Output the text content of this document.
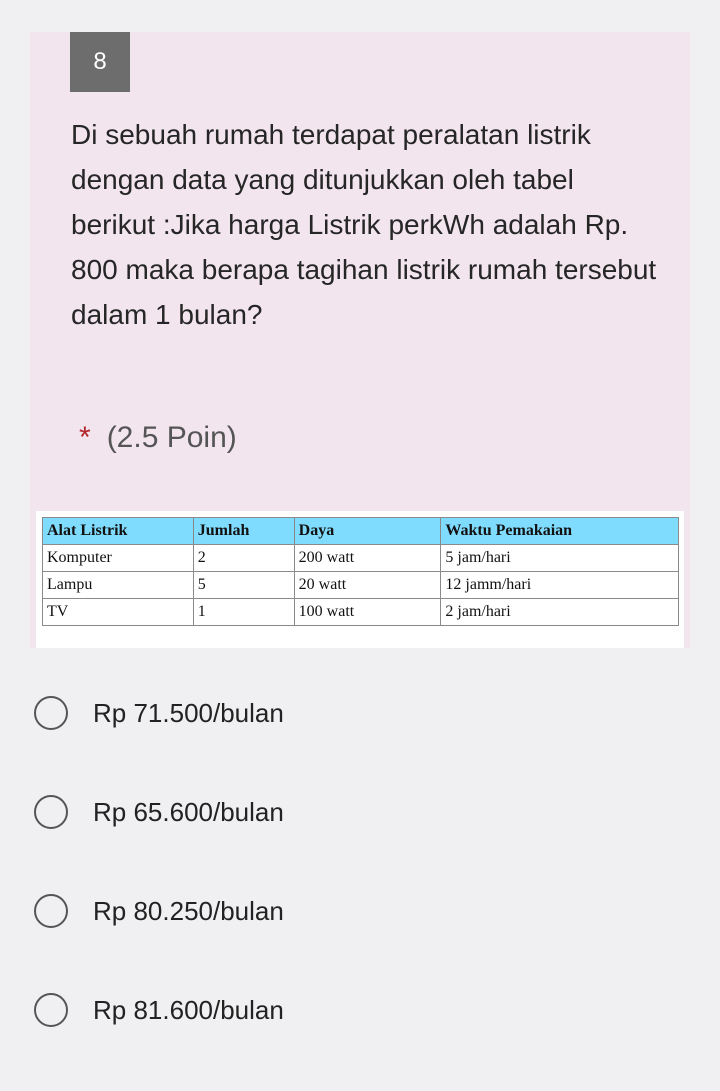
8

Di sebuah rumah terdapat peralatan listrik dengan data yang ditunjukkan oleh tabel berikut :Jika harga Listrik perkWh adalah Rp. 800 maka berapa tagihan listrik rumah tersebut dalam 1 bulan?

* (2.5 Poin)
Alat Listrik	Jumlah	Daya	Waktu Pemakaian
Komputer	2	200 watt	5 jam/hari
Lampu	5	20 watt	12 jamm/hari
TV	1	100 watt	2 jam/hari
Rp 71.500/bulan
Rp 65.600/bulan
Rp 80.250/bulan
Rp 81.600/bulan
